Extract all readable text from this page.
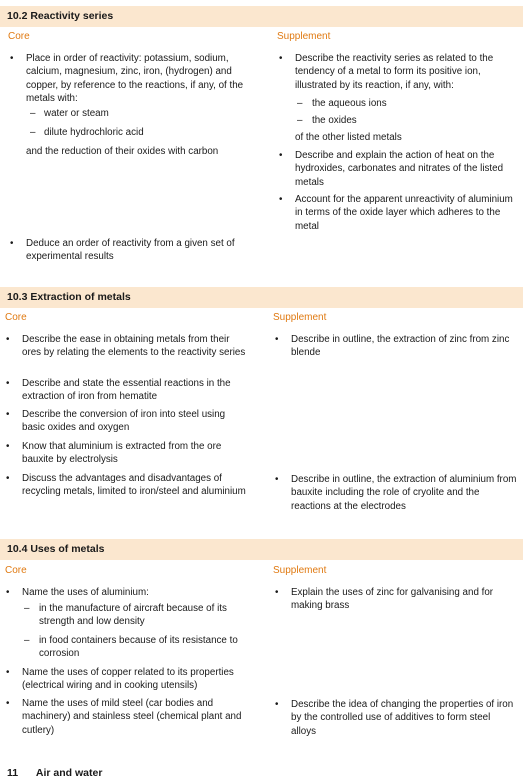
10.2 Reactivity series
Core	Supplement
• Place in order of reactivity: potassium, sodium, calcium, magnesium, zinc, iron, (hydrogen) and copper, by reference to the reactions, if any, of the metals with:
– water or steam
– dilute hydrochloric acid
and the reduction of their oxides with carbon
• Deduce an order of reactivity from a given set of experimental results
• Describe the reactivity series as related to the tendency of a metal to form its positive ion, illustrated by its reaction, if any, with:
– the aqueous ions
– the oxides
of the other listed metals
• Describe and explain the action of heat on the hydroxides, carbonates and nitrates of the listed metals
• Account for the apparent unreactivity of aluminium in terms of the oxide layer which adheres to the metal
10.3 Extraction of metals
Core	Supplement
• Describe the ease in obtaining metals from their ores by relating the elements to the reactivity series
• Describe and state the essential reactions in the extraction of iron from hematite
• Describe the conversion of iron into steel using basic oxides and oxygen
• Know that aluminium is extracted from the ore bauxite by electrolysis
• Discuss the advantages and disadvantages of recycling metals, limited to iron/steel and aluminium
• Describe in outline, the extraction of zinc from zinc blende
• Describe in outline, the extraction of aluminium from bauxite including the role of cryolite and the reactions at the electrodes
10.4 Uses of metals
Core	Supplement
• Name the uses of aluminium:
– in the manufacture of aircraft because of its strength and low density
– in food containers because of its resistance to corrosion
• Name the uses of copper related to its properties (electrical wiring and in cooking utensils)
• Name the uses of mild steel (car bodies and machinery) and stainless steel (chemical plant and cutlery)
• Explain the uses of zinc for galvanising and for making brass
• Describe the idea of changing the properties of iron by the controlled use of additives to form steel alloys
11 Air and water
